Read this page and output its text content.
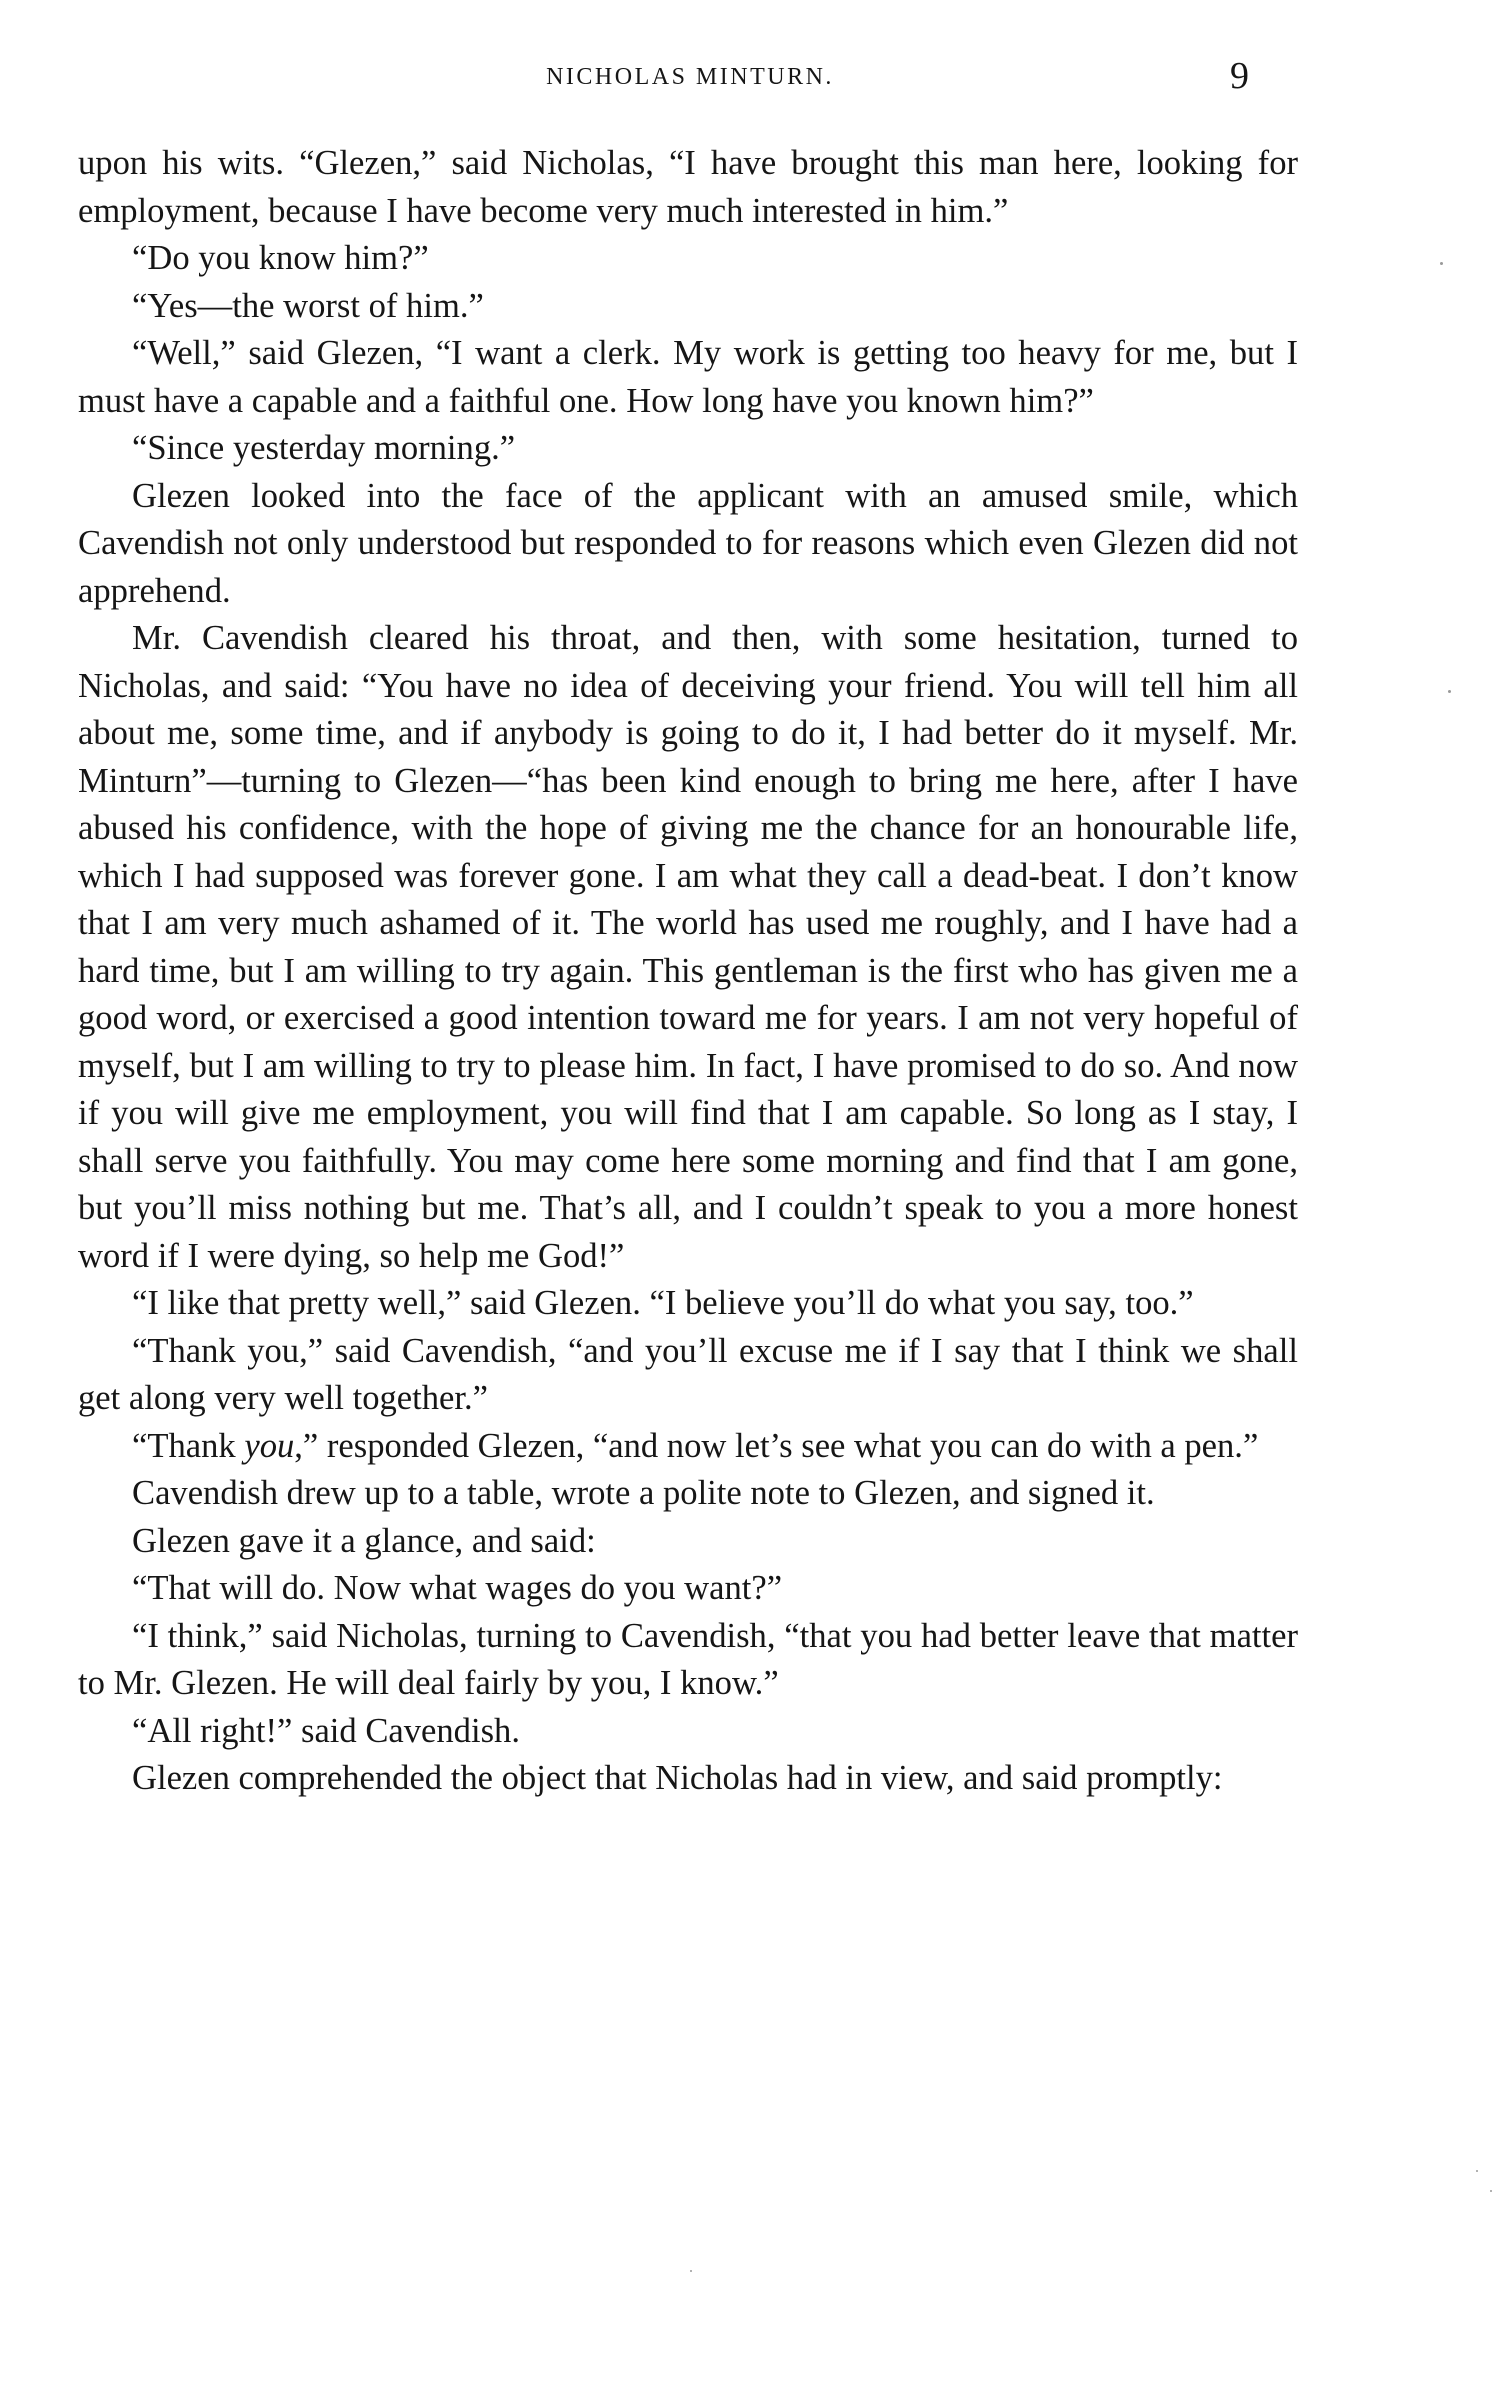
NICHOLAS MINTURN.	9

upon his wits. “Glezen,” said Nicholas, “I have brought this man here, looking for employment, because I have become very much interested in him.”

“Do you know him?”

“Yes—the worst of him.”

“Well,” said Glezen, “I want a clerk. My work is getting too heavy for me, but I must have a capable and a faithful one. How long have you known him?”

“Since yesterday morning.”

Glezen looked into the face of the applicant with an amused smile, which Cavendish not only understood but responded to for reasons which even Glezen did not apprehend.

Mr. Cavendish cleared his throat, and then, with some hesitation, turned to Nicholas, and said: “You have no idea of deceiving your friend. You will tell him all about me, some time, and if anybody is going to do it, I had better do it myself. Mr. Minturn”—turning to Glezen—“has been kind enough to bring me here, after I have abused his confidence, with the hope of giving me the chance for an honourable life, which I had supposed was forever gone. I am what they call a dead-beat. I don’t know that I am very much ashamed of it. The world has used me roughly, and I have had a hard time, but I am willing to try again. This gentleman is the first who has given me a good word, or exercised a good intention toward me for years. I am not very hopeful of myself, but I am willing to try to please him. In fact, I have promised to do so. And now if you will give me employment, you will find that I am capable. So long as I stay, I shall serve you faithfully. You may come here some morning and find that I am gone, but you’ll miss nothing but me. That’s all, and I couldn’t speak to you a more honest word if I were dying, so help me God!”

“I like that pretty well,” said Glezen. “I believe you’ll do what you say, too.”

“Thank you,” said Cavendish, “and you’ll excuse me if I say that I think we shall get along very well together.”

“Thank you,” responded Glezen, “and now let’s see what you can do with a pen.”

Cavendish drew up to a table, wrote a polite note to Glezen, and signed it.

Glezen gave it a glance, and said:

“That will do. Now what wages do you want?”

“I think,” said Nicholas, turning to Cavendish, “that you had better leave that matter to Mr. Glezen. He will deal fairly by you, I know.”

“All right!” said Cavendish.

Glezen comprehended the object that Nicholas had in view, and said promptly:
